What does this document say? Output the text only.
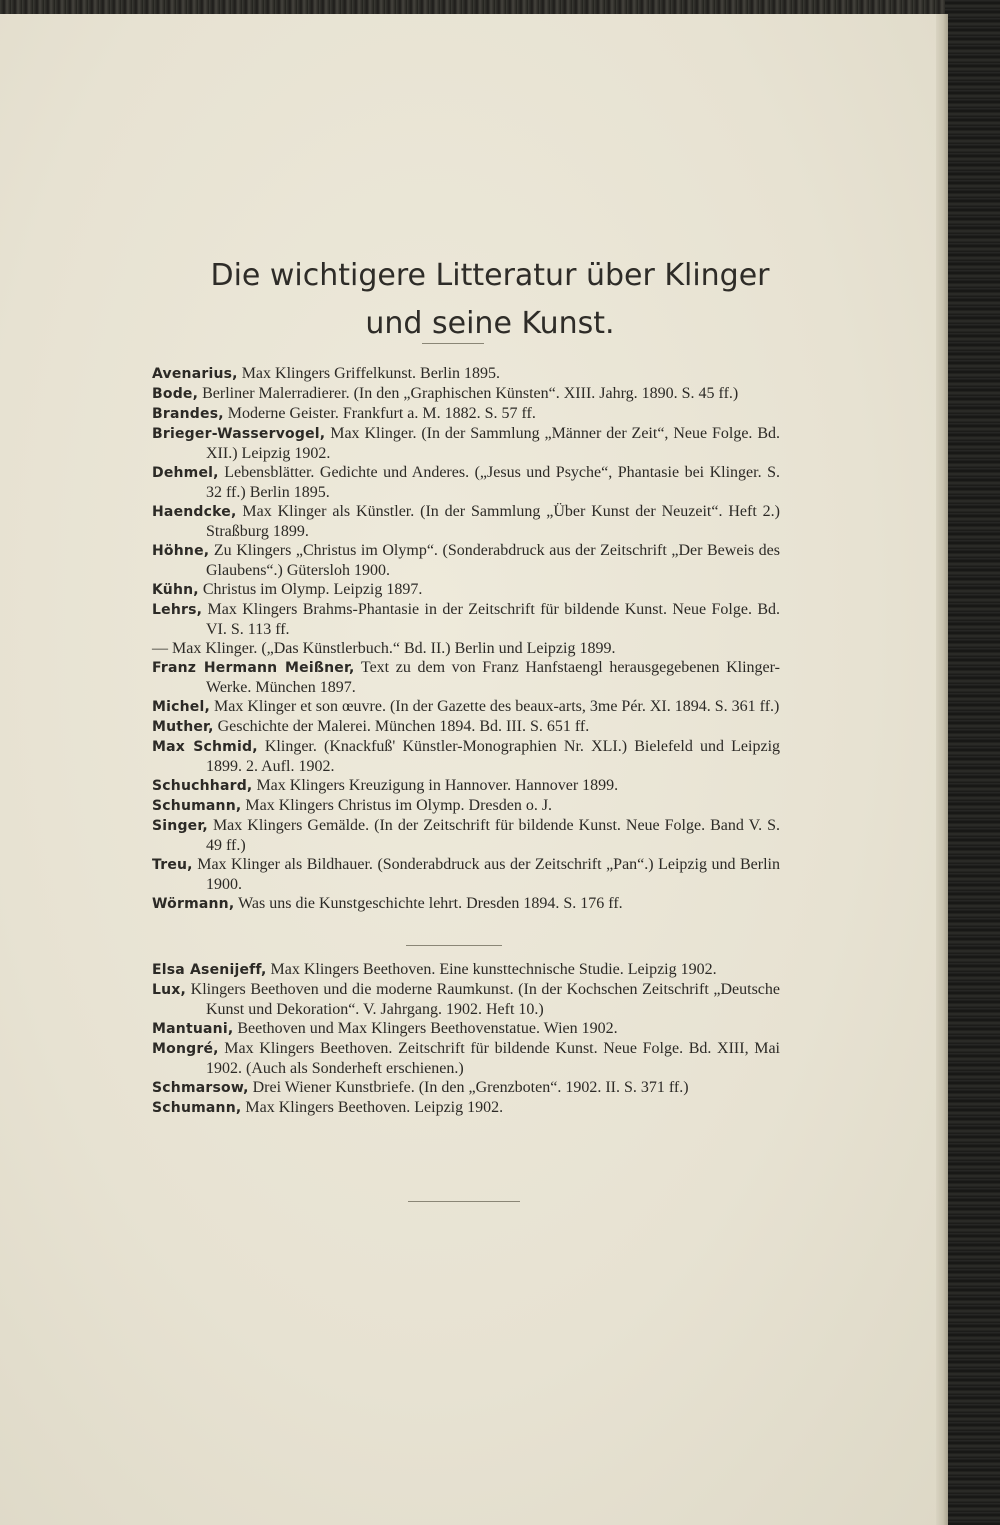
Die wichtigere Litteratur über Klinger
und seine Kunst.

Avenarius, Max Klingers Griffelkunst. Berlin 1895.

Bode, Berliner Malerradierer. (In den „Graphischen Künsten“. XIII. Jahrg. 1890. S. 45 ff.)

Brandes, Moderne Geister. Frankfurt a. M. 1882. S. 57 ff.

Brieger-Wasservogel, Max Klinger. (In der Sammlung „Männer der Zeit“, Neue Folge. Bd. XII.) Leipzig 1902.

Dehmel, Lebensblätter. Gedichte und Anderes. („Jesus und Psyche“, Phantasie bei Klinger. S. 32 ff.) Berlin 1895.

Haendcke, Max Klinger als Künstler. (In der Sammlung „Über Kunst der Neuzeit“. Heft 2.) Straßburg 1899.

Höhne, Zu Klingers „Christus im Olymp“. (Sonderabdruck aus der Zeitschrift „Der Beweis des Glaubens“.) Gütersloh 1900.

Kühn, Christus im Olymp. Leipzig 1897.

Lehrs, Max Klingers Brahms-Phantasie in der Zeitschrift für bildende Kunst. Neue Folge. Bd. VI. S. 113 ff.

— Max Klinger. („Das Künstlerbuch.“ Bd. II.) Berlin und Leipzig 1899.

Franz Hermann Meißner, Text zu dem von Franz Hanfstaengl herausgegebenen Klinger-Werke. München 1897.

Michel, Max Klinger et son œuvre. (In der Gazette des beaux-arts, 3me Pér. XI. 1894. S. 361 ff.)

Muther, Geschichte der Malerei. München 1894. Bd. III. S. 651 ff.

Max Schmid, Klinger. (Knackfuß' Künstler-Monographien Nr. XLI.) Bielefeld und Leipzig 1899. 2. Aufl. 1902.

Schuchhard, Max Klingers Kreuzigung in Hannover. Hannover 1899.

Schumann, Max Klingers Christus im Olymp. Dresden o. J.

Singer, Max Klingers Gemälde. (In der Zeitschrift für bildende Kunst. Neue Folge. Band V. S. 49 ff.)

Treu, Max Klinger als Bildhauer. (Sonderabdruck aus der Zeitschrift „Pan“.) Leipzig und Berlin 1900.

Wörmann, Was uns die Kunstgeschichte lehrt. Dresden 1894. S. 176 ff.

Elsa Asenijeff, Max Klingers Beethoven. Eine kunsttechnische Studie. Leipzig 1902.

Lux, Klingers Beethoven und die moderne Raumkunst. (In der Kochschen Zeitschrift „Deutsche Kunst und Dekoration“. V. Jahrgang. 1902. Heft 10.)

Mantuani, Beethoven und Max Klingers Beethovenstatue. Wien 1902.

Mongré, Max Klingers Beethoven. Zeitschrift für bildende Kunst. Neue Folge. Bd. XIII, Mai 1902. (Auch als Sonderheft erschienen.)

Schmarsow, Drei Wiener Kunstbriefe. (In den „Grenzboten“. 1902. II. S. 371 ff.)

Schumann, Max Klingers Beethoven. Leipzig 1902.
